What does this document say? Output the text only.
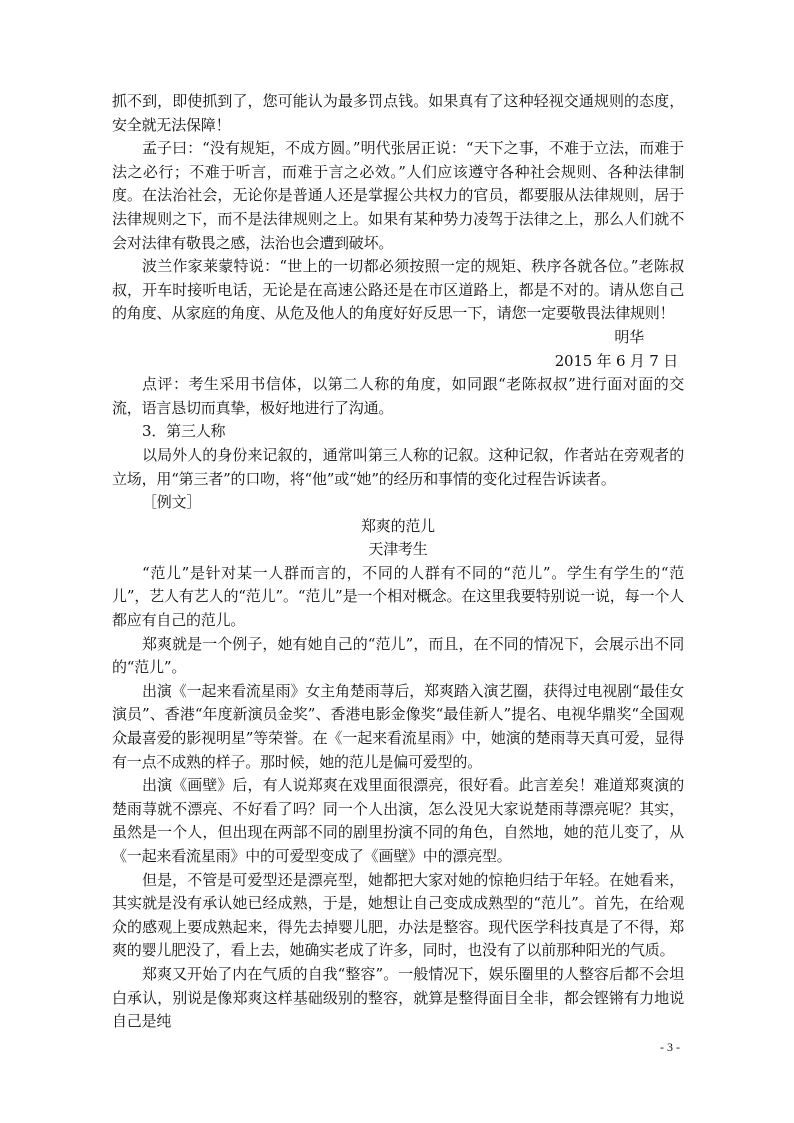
抓不到，即使抓到了，您可能认为最多罚点钱。如果真有了这种轻视交通规则的态度，安全就无法保障！

孟子曰：“没有规矩，不成方圆。”明代张居正说：“天下之事，不难于立法，而难于法之必行；不难于听言，而难于言之必效。”人们应该遵守各种社会规则、各种法律制度。在法治社会，无论你是普通人还是掌握公共权力的官员，都要服从法律规则，居于法律规则之下，而不是法律规则之上。如果有某种势力凌驾于法律之上，那么人们就不会对法律有敬畏之感，法治也会遭到破坏。

波兰作家莱蒙特说：“世上的一切都必须按照一定的规矩、秩序各就各位。”老陈叔叔，开车时接听电话，无论是在高速公路还是在市区道路上，都是不对的。请从您自己的角度、从家庭的角度、从危及他人的角度好好反思一下，请您一定要敬畏法律规则！

明华

2015 年 6 月 7 日

点评：考生采用书信体，以第二人称的角度，如同跟“老陈叔叔”进行面对面的交流，语言恳切而真挚，极好地进行了沟通。

3．第三人称

以局外人的身份来记叙的，通常叫第三人称的记叙。这种记叙，作者站在旁观者的立场，用“第三者”的口吻，将“他”或“她”的经历和事情的变化过程告诉读者。

［例文］

郑爽的范儿

天津考生

“范儿”是针对某一人群而言的，不同的人群有不同的“范儿”。学生有学生的“范儿”，艺人有艺人的“范儿”。“范儿”是一个相对概念。在这里我要特别说一说，每一个人都应有自己的范儿。

郑爽就是一个例子，她有她自己的“范儿”，而且，在不同的情况下，会展示出不同的“范儿”。

出演《一起来看流星雨》女主角楚雨荨后，郑爽踏入演艺圈，获得过电视剧“最佳女演员”、香港“年度新演员金奖”、香港电影金像奖“最佳新人”提名、电视华鼎奖“全国观众最喜爱的影视明星”等荣誉。在《一起来看流星雨》中，她演的楚雨荨天真可爱，显得有一点不成熟的样子。那时候，她的范儿是偏可爱型的。

出演《画壁》后，有人说郑爽在戏里面很漂亮，很好看。此言差矣！难道郑爽演的楚雨荨就不漂亮、不好看了吗？同一个人出演，怎么没见大家说楚雨荨漂亮呢？其实，虽然是一个人，但出现在两部不同的剧里扮演不同的角色，自然地，她的范儿变了，从《一起来看流星雨》中的可爱型变成了《画壁》中的漂亮型。

但是，不管是可爱型还是漂亮型，她都把大家对她的惊艳归结于年轻。在她看来，其实就是没有承认她已经成熟，于是，她想让自己变成成熟型的“范儿”。首先，在给观众的感观上要成熟起来，得先去掉婴儿肥，办法是整容。现代医学科技真是了不得，郑爽的婴儿肥没了，看上去，她确实老成了许多，同时，也没有了以前那种阳光的气质。

郑爽又开始了内在气质的自我“整容”。一般情况下，娱乐圈里的人整容后都不会坦白承认，别说是像郑爽这样基础级别的整容，就算是整得面目全非，都会铿锵有力地说自己是纯

- 3 -
